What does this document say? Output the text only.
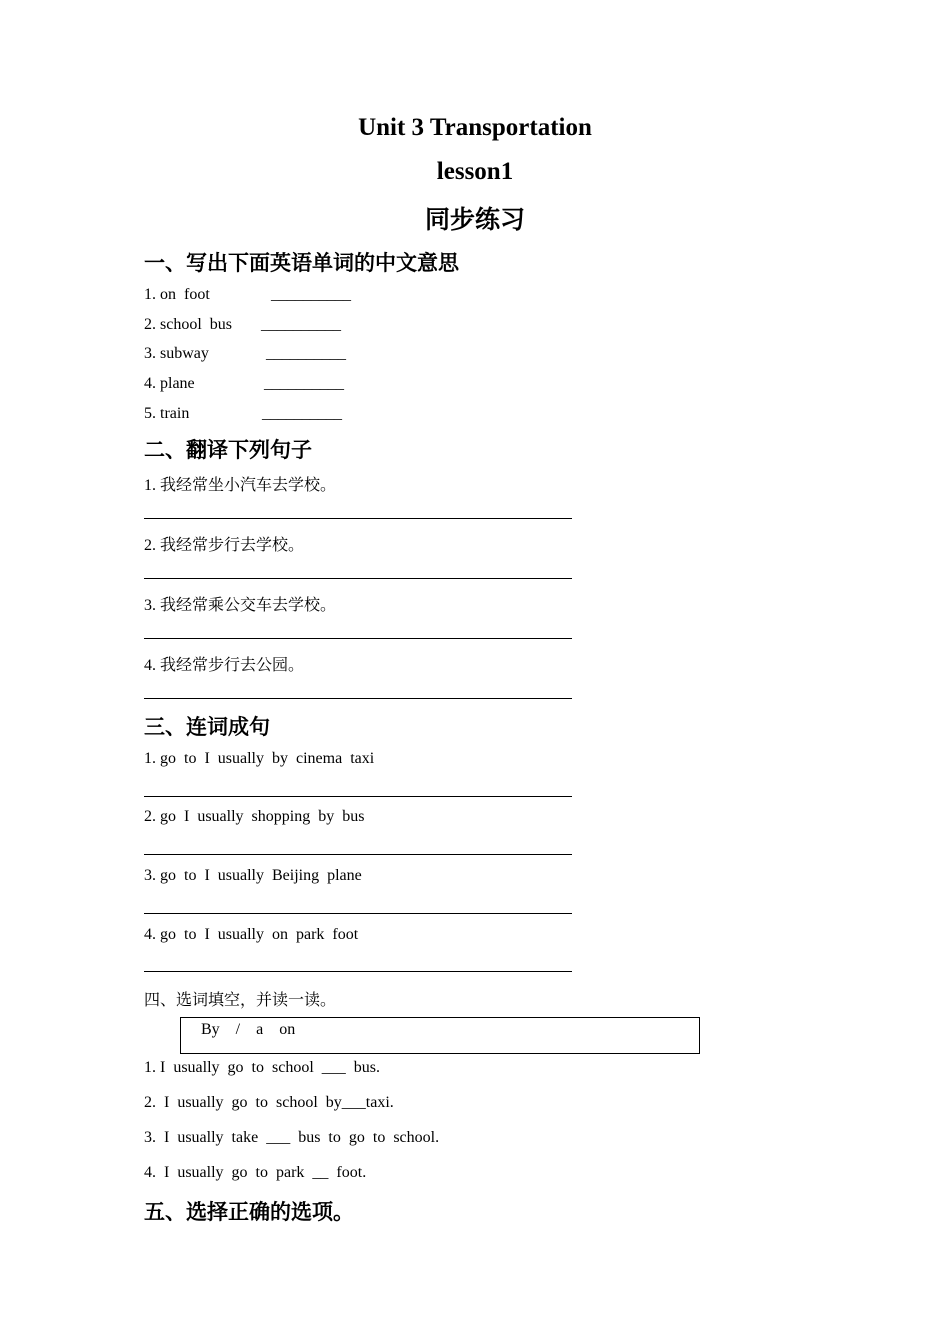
Unit 3 Transportation
lesson1
同步练习
一、写出下面英语单词的中文意思
1. on  foot	__________
2. school  bus __________
3. subway	__________
4. plane	__________
5. train	__________
二、翻译下列句子
1. 我经常坐小汽车去学校。
2. 我经常步行去学校。
3. 我经常乘公交车去学校。
4. 我经常步行去公园。
三、连词成句
1. go  to  I  usually  by  cinema  taxi
2. go  I  usually  shopping  by  bus
3. go  to  I  usually  Beijing  plane
4. go  to  I  usually  on  park  foot
四、选词填空，并读一读。
By    /    a    on
1. I  usually  go  to  school  ___  bus.
2.  I  usually  go  to  school  by___taxi.
3.  I  usually  take  ___  bus  to  go  to  school.
4.  I  usually  go  to  park  __  foot.
五、选择正确的选项。
